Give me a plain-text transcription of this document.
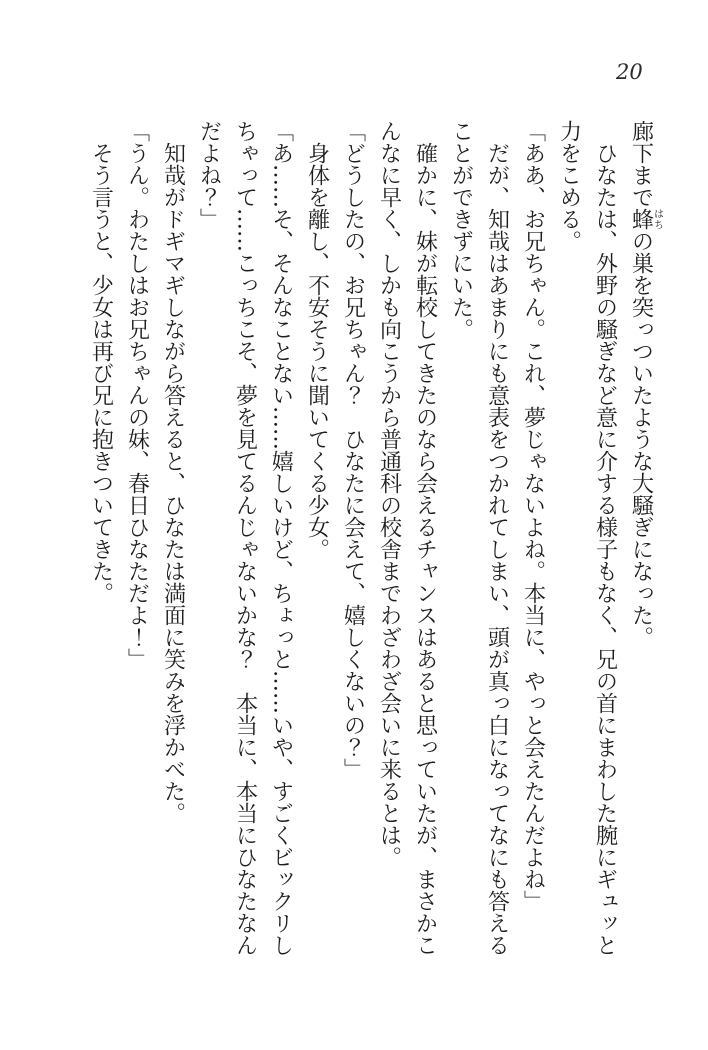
20

廊下まで蜂はちの巣を突っついたような大騒ぎになった。

ひなたは、外野の騒ぎなど意に介する様子もなく、兄の首にまわした腕にギュッと力をこめる。

「ああ、お兄ちゃん。これ、夢じゃないよね。本当に、やっと会えたんだよね」

だが、知哉はあまりにも意表をつかれてしまい、頭が真っ白になってなにも答えることができずにいた。

確かに、妹が転校してきたのなら会えるチャンスはあると思っていたが、まさかこんなに早く、しかも向こうから普通科の校舎までわざわざ会いに来るとは。

「どうしたの、お兄ちゃん？　ひなたに会えて、嬉しくないの？」

身体を離し、不安そうに聞いてくる少女。

「あ……そ、そんなことない……嬉しいけど、ちょっと……いや、すごくビックリしちゃって……こっちこそ、夢を見てるんじゃないかな？　本当に、本当にひなたなんだよね？」

知哉がドギマギしながら答えると、ひなたは満面に笑みを浮かべた。

「うん。わたしはお兄ちゃんの妹、春日ひなただよ！」

そう言うと、少女は再び兄に抱きついてきた。
